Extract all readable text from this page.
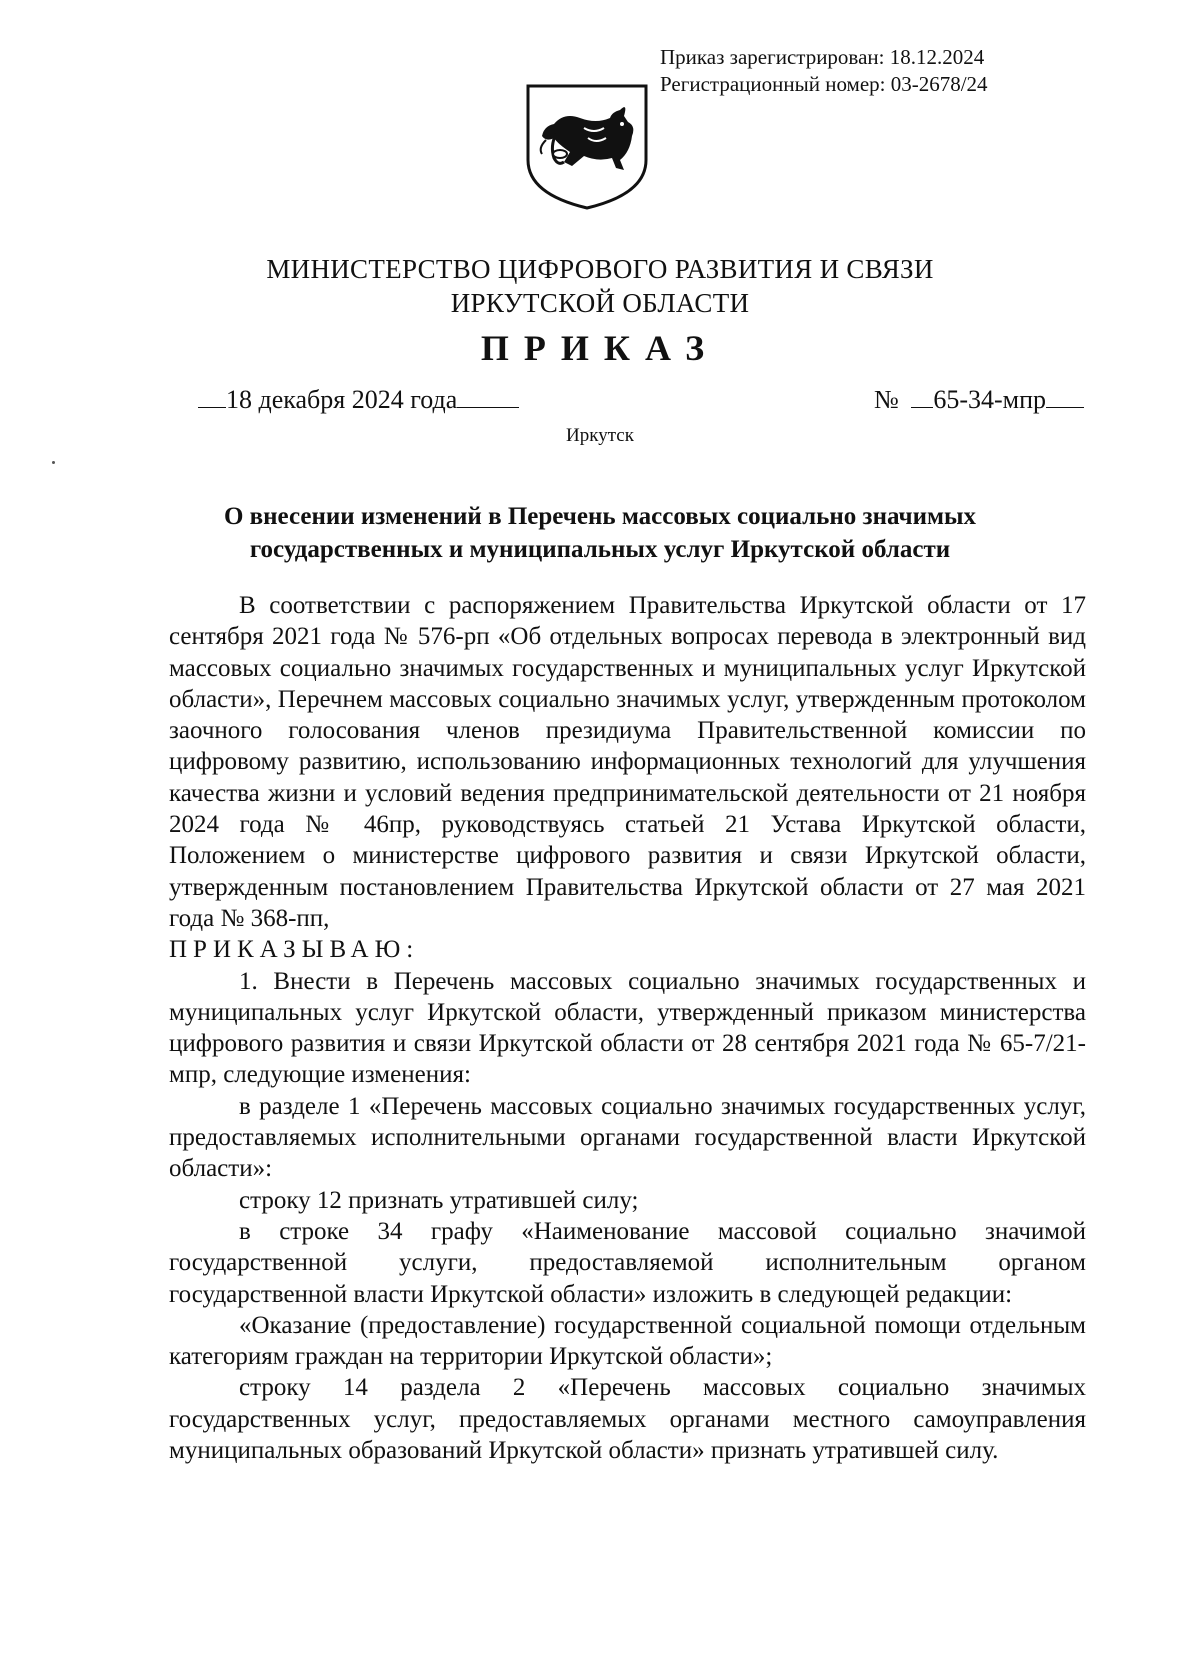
Приказ зарегистрирован: 18.12.2024
Регистрационный номер: 03-2678/24
МИНИСТЕРСТВО ЦИФРОВОГО РАЗВИТИЯ И СВЯЗИ
ИРКУТСКОЙ ОБЛАСТИ
ПРИКАЗ
18 декабря 2024 года	№ 65-34-мпр
Иркутск
О внесении изменений в Перечень массовых социально значимых
государственных и муниципальных услуг Иркутской области

В соответствии с распоряжением Правительства Иркутской области от 17 сентября 2021 года № 576-рп «Об отдельных вопросах перевода в электронный вид массовых социально значимых государственных и муниципальных услуг Иркутской области», Перечнем массовых социально значимых услуг, утвержденным протоколом заочного голосования членов президиума Правительственной комиссии по цифровому развитию, использованию информационных технологий для улучшения качества жизни и условий ведения предпринимательской деятельности от 21 ноября 2024 года № 46пр, руководствуясь статьей 21 Устава Иркутской области, Положением о министерстве цифрового развития и связи Иркутской области, утвержденным постановлением Правительства Иркутской области от 27 мая 2021 года № 368-пп,

ПРИКАЗЫВАЮ:

1. Внести в Перечень массовых социально значимых государственных и муниципальных услуг Иркутской области, утвержденный приказом министерства цифрового развития и связи Иркутской области от 28 сентября 2021 года № 65-7/21-мпр, следующие изменения:

в разделе 1 «Перечень массовых социально значимых государственных услуг, предоставляемых исполнительными органами государственной власти Иркутской области»:

строку 12 признать утратившей силу;

в строке 34 графу «Наименование массовой социально значимой государственной услуги, предоставляемой исполнительным органом государственной власти Иркутской области» изложить в следующей редакции:

«Оказание (предоставление) государственной социальной помощи отдельным категориям граждан на территории Иркутской области»;

строку 14 раздела 2 «Перечень массовых социально значимых государственных услуг, предоставляемых органами местного самоуправления муниципальных образований Иркутской области» признать утратившей силу.
